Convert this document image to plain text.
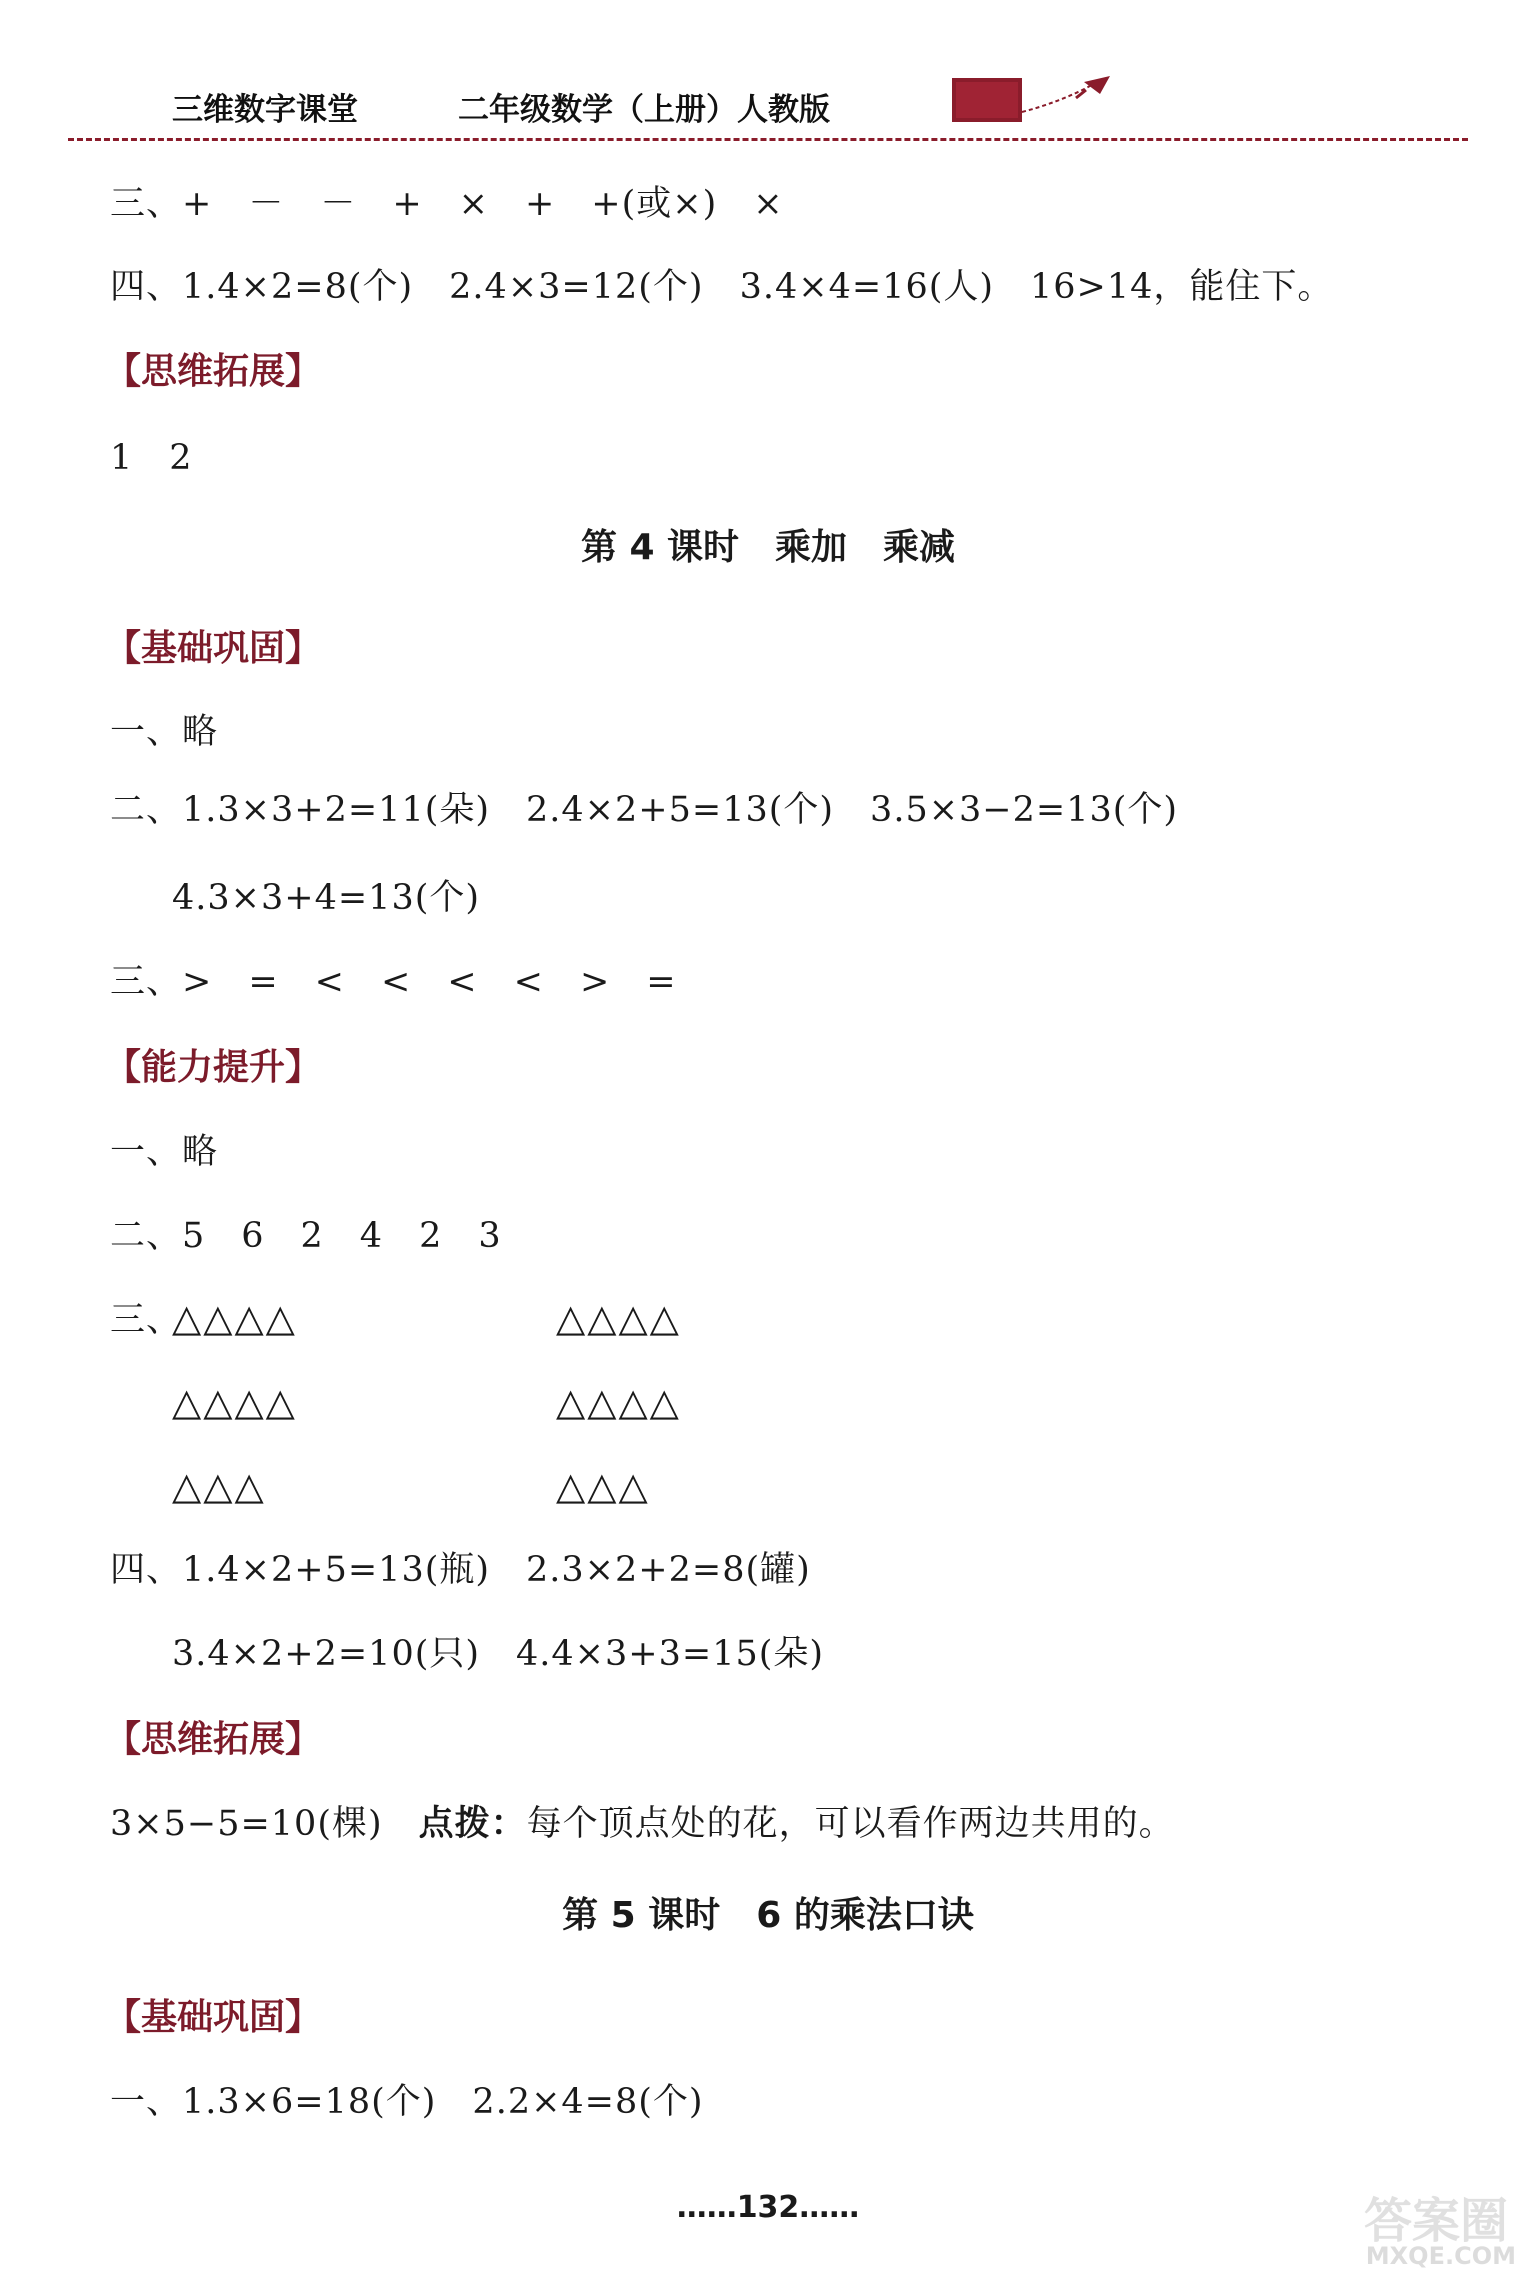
三维数字课堂	二年级数学（上册）人教版
三、+　－　－　+　×　+　+(或×)　×
四、1.4×2=8(个)　2.4×3=12(个)　3.4×4=16(人)　16>14，能住下。
【思维拓展】
1　2
第 4 课时　乘加　乘减
【基础巩固】
一、略
二、1.3×3+2=11(朵)　2.4×2+5=13(个)　3.5×3−2=13(个)
4.3×3+4=13(个)
三、>　=　<　<　<　<　>　=
【能力提升】
一、略
二、5　6　2　4　2　3
三、
△△△△	△△△△
△△△△	△△△△
△△△	△△△
四、1.4×2+5=13(瓶)　2.3×2+2=8(罐)
3.4×2+2=10(只)　4.4×3+3=15(朵)
【思维拓展】
3×5−5=10(棵)　 点拨：每个顶点处的花，可以看作两边共用的。
第 5 课时　6 的乘法口诀
【基础巩固】
一、1.3×6=18(个)　2.2×4=8(个)
……132……	答案圈
MXQE.COM
